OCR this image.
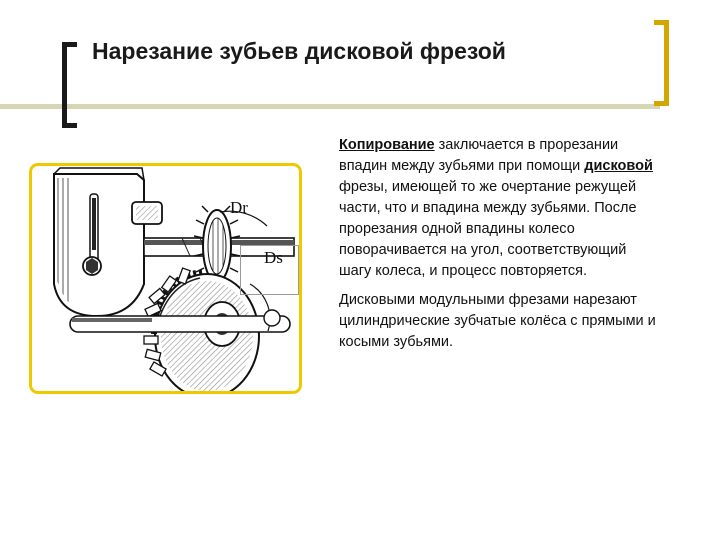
Нарезание зубьев дисковой фрезой
Dr
Ds

Копирование заключается в прорезании впадин между зубьями при помощи дисковой фрезы, имеющей то же очертание режущей части, что и впадина между зубьями. После прорезания одной впадины колесо поворачивается на угол, соответствующий шагу колеса, и процесс повторяется.

Дисковыми модульными фрезами нарезают цилиндрические зубчатые колёса с прямыми и косыми зубьями.
